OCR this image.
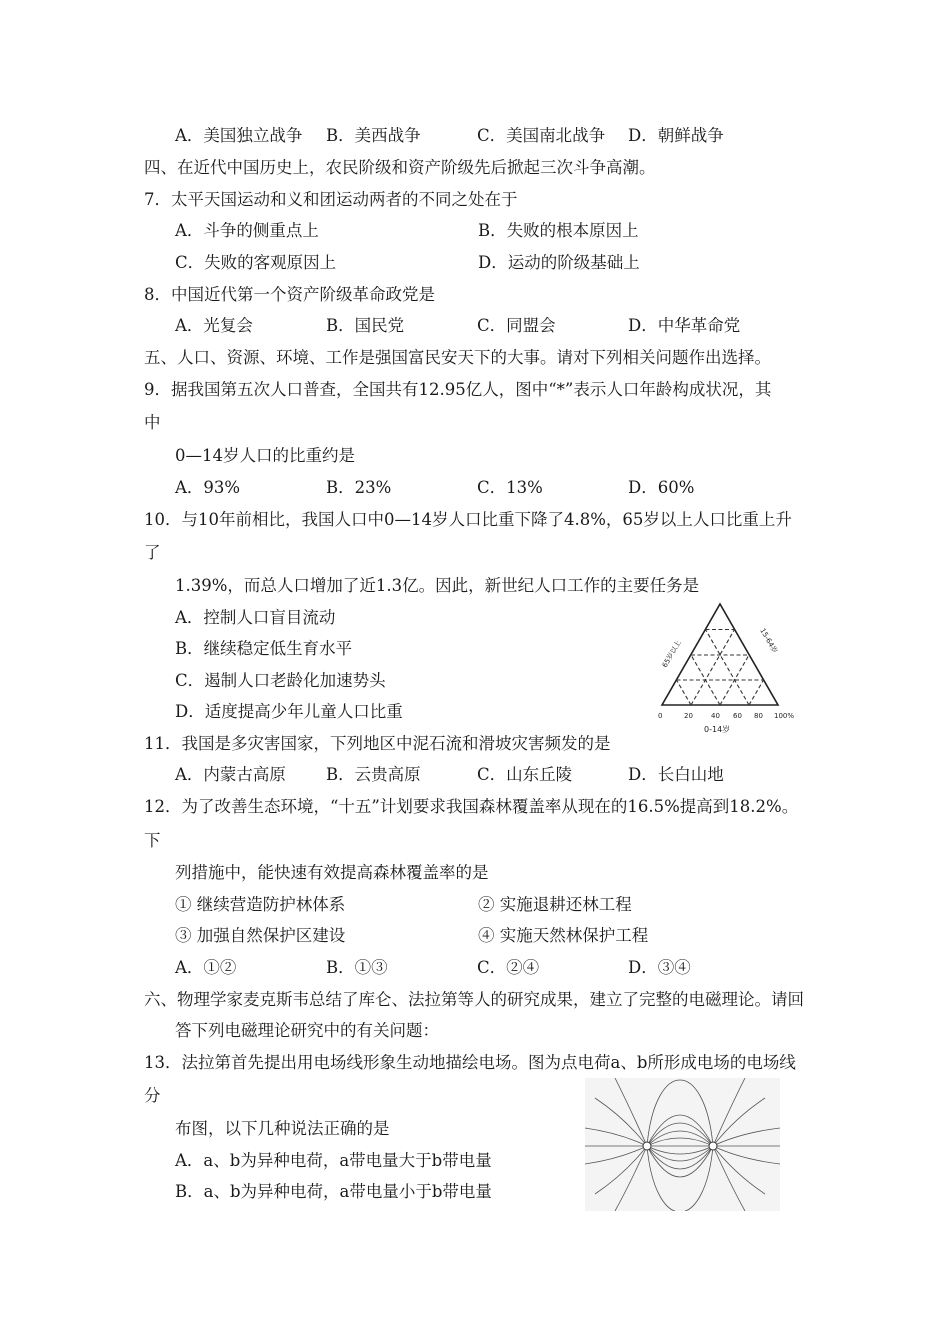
A．美国独立战争	B．美西战争	C．美国南北战争	D．朝鲜战争
四、在近代中国历史上，农民阶级和资产阶级先后掀起三次斗争高潮。
7．太平天国运动和义和团运动两者的不同之处在于
A．斗争的侧重点上	B．失败的根本原因上
C．失败的客观原因上	D．运动的阶级基础上
8．中国近代第一个资产阶级革命政党是
A．光复会	B．国民党	C．同盟会	D．中华革命党
五、人口、资源、环境、工作是强国富民安天下的大事。请对下列相关问题作出选择。
9．据我国第五次人口普查，全国共有12.95亿人，图中“*”表示人口年龄构成状况，其
中
0—14岁人口的比重约是
A．93%	B．23%	C．13%	D．60%
10．与10年前相比，我国人口中0—14岁人口比重下降了4.8%，65岁以上人口比重上升
了
1.39%，而总人口增加了近1.3亿。因此，新世纪人口工作的主要任务是
A．控制人口盲目流动
B．继续稳定低生育水平
C．遏制人口老龄化加速势头
D．适度提高少年儿童人口比重	0	20	40 60 80 100%
0-14岁
65岁以上	15-64岁
11．我国是多灾害国家，下列地区中泥石流和滑坡灾害频发的是
A．内蒙古高原	B．云贵高原	C．山东丘陵	D．长白山地
12．为了改善生态环境，“十五”计划要求我国森林覆盖率从现在的16.5%提高到18.2%。
下
列措施中，能快速有效提高森林覆盖率的是
① 继续营造防护林体系	② 实施退耕还林工程
③ 加强自然保护区建设	④ 实施天然林保护工程
A．①②	B．①③	C．②④	D．③④
六、物理学家麦克斯韦总结了库仑、法拉第等人的研究成果，建立了完整的电磁理论。请回
答下列电磁理论研究中的有关问题：
13．法拉第首先提出用电场线形象生动地描绘电场。图为点电荷a、b所形成电场的电场线
分
布图，以下几种说法正确的是
A．a、b为异种电荷，a带电量大于b带电量
B．a、b为异种电荷，a带电量小于b带电量
